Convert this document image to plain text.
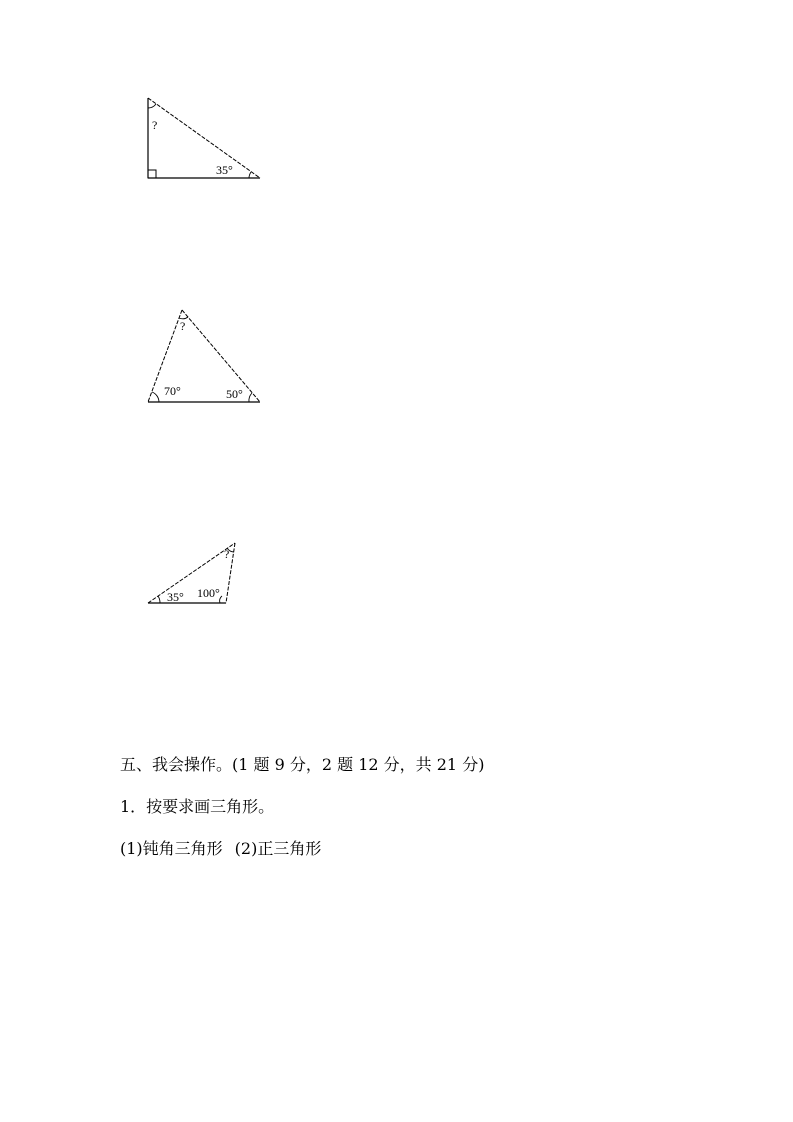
?
35°
?
70°	50°
?
35° 100°
五、我会操作。(1 题 9 分，2 题 12 分，共 21 分)
1．按要求画三角形。
(1)钝角三角形 (2)正三角形
